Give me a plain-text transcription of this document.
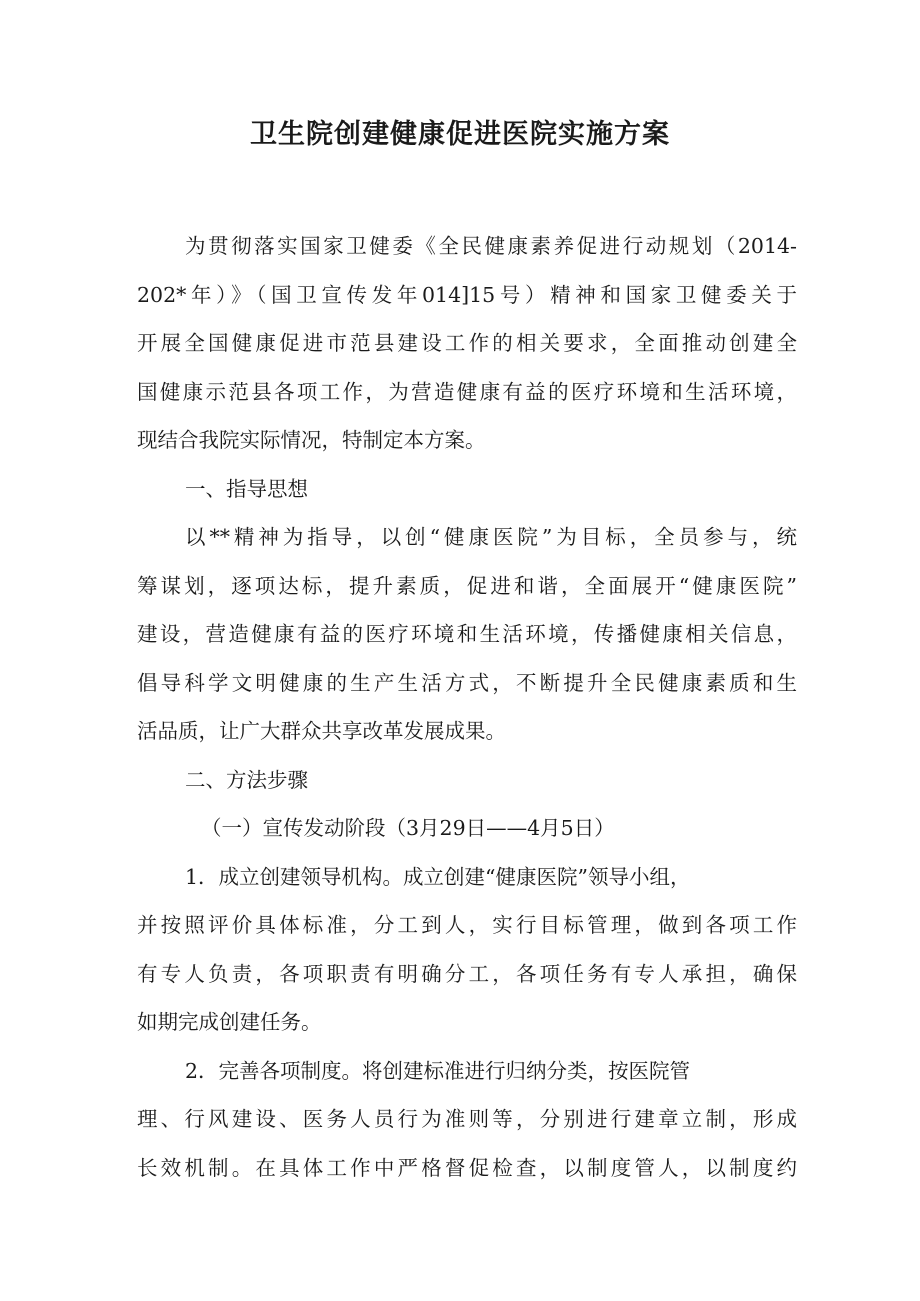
卫生院创建健康促进医院实施方案
为贯彻落实国家卫健委《全民健康素养促进行动规划（2014-
202*年）》（国卫宣传发年014]15号）精神和国家卫健委关于
开展全国健康促进市范县建设工作的相关要求，全面推动创建全
国健康示范县各项工作，为营造健康有益的医疗环境和生活环境，
现结合我院实际情况，特制定本方案。
一、指导思想
以**精神为指导，以创“健康医院”为目标，全员参与，统
筹谋划，逐项达标，提升素质，促进和谐，全面展开“健康医院”
建设，营造健康有益的医疗环境和生活环境，传播健康相关信息，
倡导科学文明健康的生产生活方式，不断提升全民健康素质和生
活品质，让广大群众共享改革发展成果。
二、方法步骤
（一）宣传发动阶段（3月29日——4月5日）
1．成立创建领导机构。成立创建“健康医院”领导小组，
并按照评价具体标准，分工到人，实行目标管理，做到各项工作
有专人负责，各项职责有明确分工，各项任务有专人承担，确保
如期完成创建任务。
2．完善各项制度。将创建标准进行归纳分类，按医院管
理、行风建设、医务人员行为准则等，分别进行建章立制，形成
长效机制。在具体工作中严格督促检查，以制度管人，以制度约
